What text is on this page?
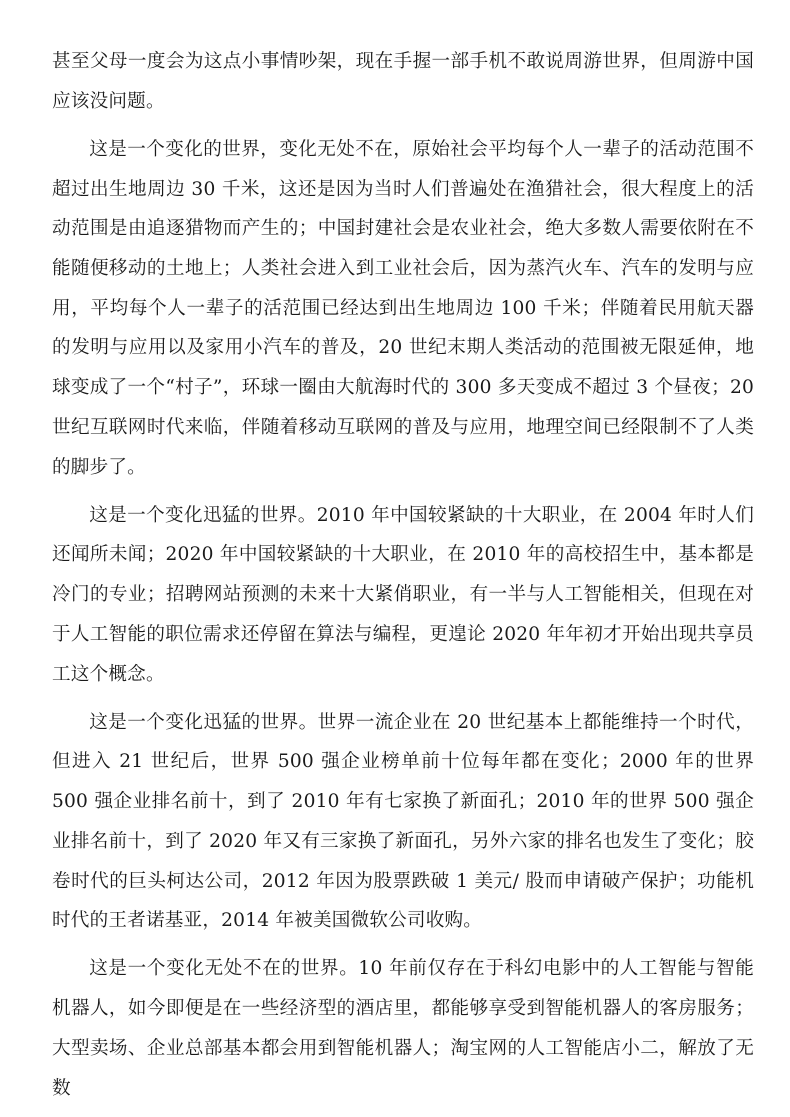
甚至父母一度会为这点小事情吵架，现在手握一部手机不敢说周游世界，但周游中国应该没问题。

这是一个变化的世界，变化无处不在，原始社会平均每个人一辈子的活动范围不超过出生地周边 30 千米，这还是因为当时人们普遍处在渔猎社会，很大程度上的活动范围是由追逐猎物而产生的；中国封建社会是农业社会，绝大多数人需要依附在不能随便移动的土地上；人类社会进入到工业社会后，因为蒸汽火车、汽车的发明与应用，平均每个人一辈子的活范围已经达到出生地周边 100 千米；伴随着民用航天器的发明与应用以及家用小汽车的普及，20 世纪末期人类活动的范围被无限延伸，地球变成了一个“村子”，环球一圈由大航海时代的 300 多天变成不超过 3 个昼夜；20 世纪互联网时代来临，伴随着移动互联网的普及与应用，地理空间已经限制不了人类的脚步了。

这是一个变化迅猛的世界。2010 年中国较紧缺的十大职业，在 2004 年时人们还闻所未闻；2020 年中国较紧缺的十大职业，在 2010 年的高校招生中，基本都是冷门的专业；招聘网站预测的未来十大紧俏职业，有一半与人工智能相关，但现在对于人工智能的职位需求还停留在算法与编程，更遑论 2020 年年初才开始出现共享员工这个概念。

这是一个变化迅猛的世界。世界一流企业在 20 世纪基本上都能维持一个时代，但进入 21 世纪后，世界 500 强企业榜单前十位每年都在变化；2000 年的世界 500 强企业排名前十，到了 2010 年有七家换了新面孔；2010 年的世界 500 强企业排名前十，到了 2020 年又有三家换了新面孔，另外六家的排名也发生了变化；胶卷时代的巨头柯达公司，2012 年因为股票跌破 1 美元/ 股而申请破产保护；功能机时代的王者诺基亚，2014 年被美国微软公司收购。

这是一个变化无处不在的世界。10 年前仅存在于科幻电影中的人工智能与智能机器人，如今即便是在一些经济型的酒店里，都能够享受到智能机器人的客房服务；大型卖场、企业总部基本都会用到智能机器人；淘宝网的人工智能店小二，解放了无数
